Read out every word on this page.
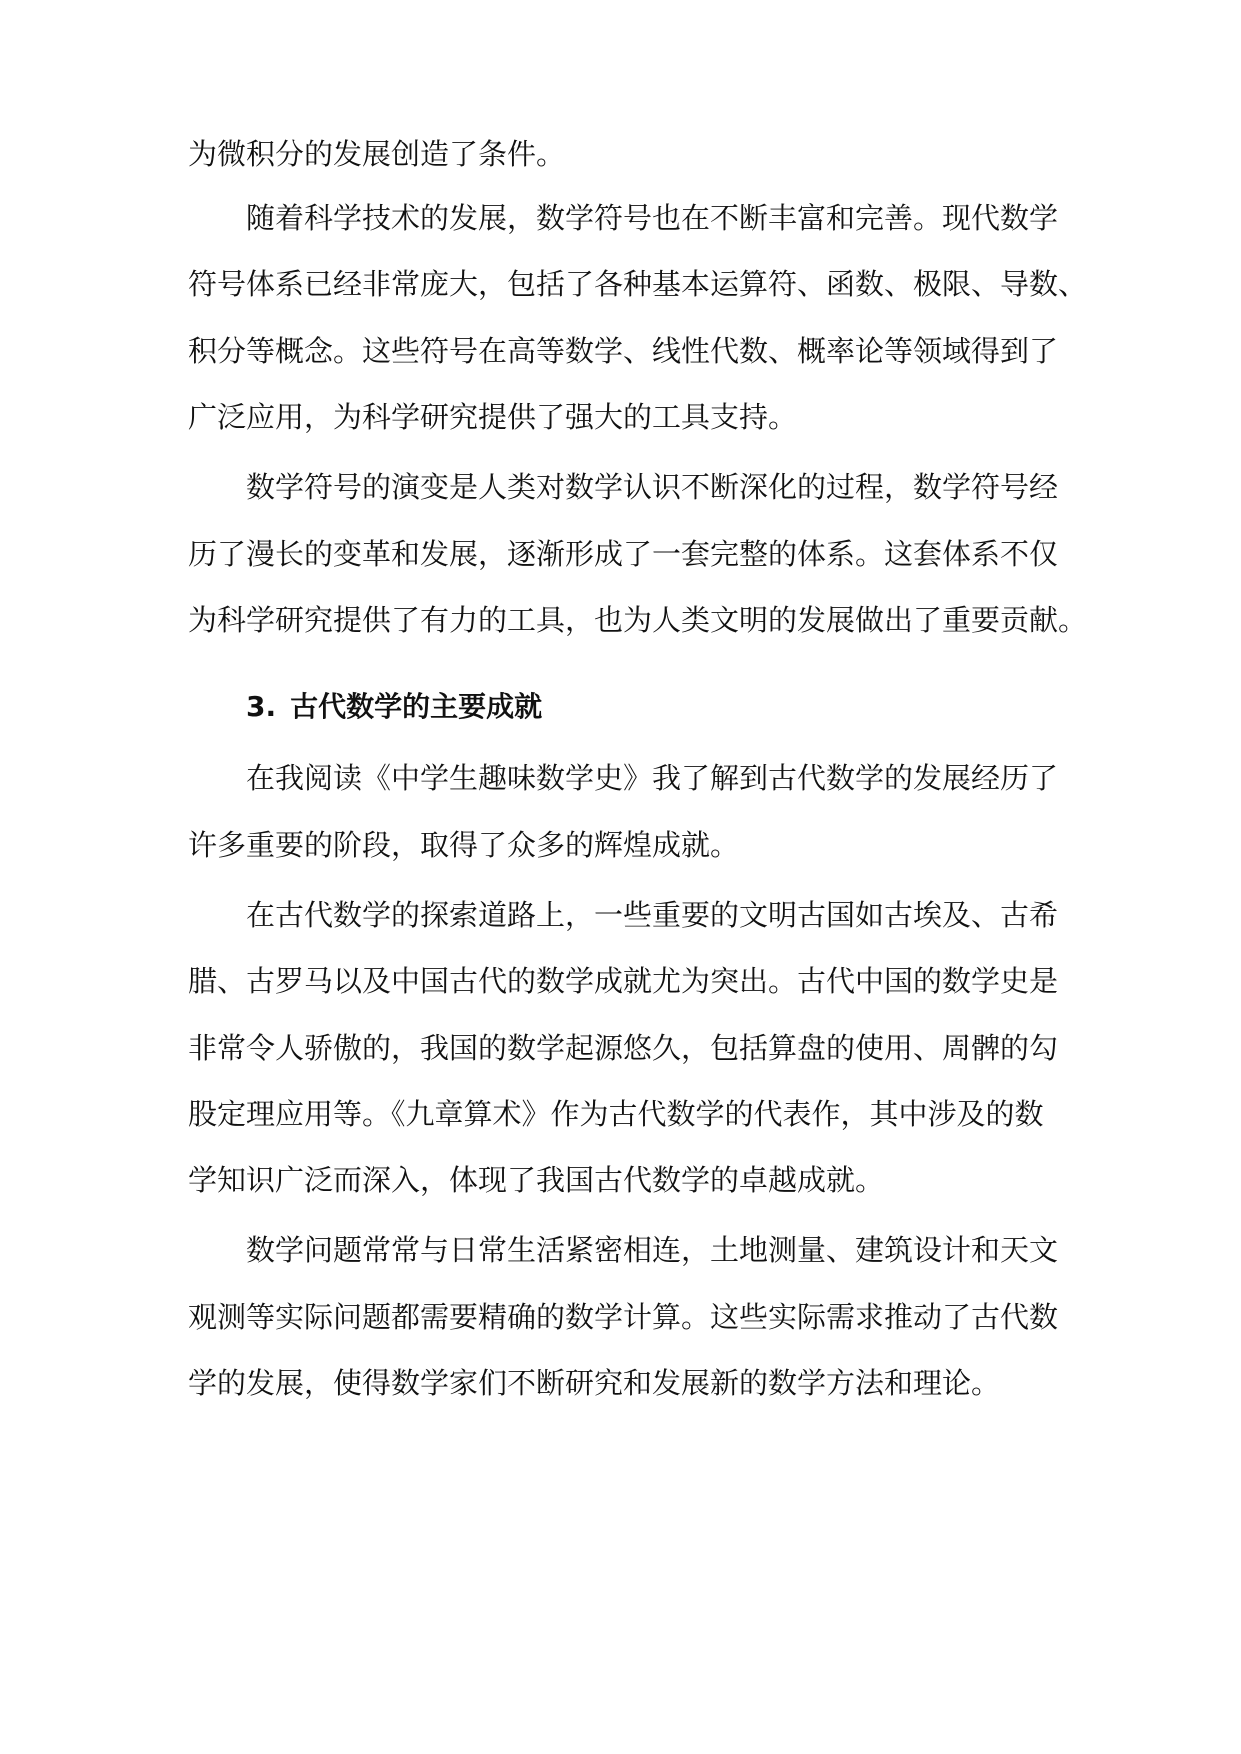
为微积分的发展创造了条件。
随着科学技术的发展，数学符号也在不断丰富和完善。现代数学
符号体系已经非常庞大，包括了各种基本运算符、函数、极限、导数、
积分等概念。这些符号在高等数学、线性代数、概率论等领域得到了
广泛应用，为科学研究提供了强大的工具支持。
数学符号的演变是人类对数学认识不断深化的过程，数学符号经
历了漫长的变革和发展，逐渐形成了一套完整的体系。这套体系不仅
为科学研究提供了有力的工具，也为人类文明的发展做出了重要贡献。
3. 古代数学的主要成就
在我阅读《中学生趣味数学史》我了解到古代数学的发展经历了
许多重要的阶段，取得了众多的辉煌成就。
在古代数学的探索道路上，一些重要的文明古国如古埃及、古希
腊、古罗马以及中国古代的数学成就尤为突出。古代中国的数学史是
非常令人骄傲的，我国的数学起源悠久，包括算盘的使用、周髀的勾
股定理应用等。《九章算术》作为古代数学的代表作，其中涉及的数
学知识广泛而深入，体现了我国古代数学的卓越成就。
数学问题常常与日常生活紧密相连，土地测量、建筑设计和天文
观测等实际问题都需要精确的数学计算。这些实际需求推动了古代数
学的发展，使得数学家们不断研究和发展新的数学方法和理论。
